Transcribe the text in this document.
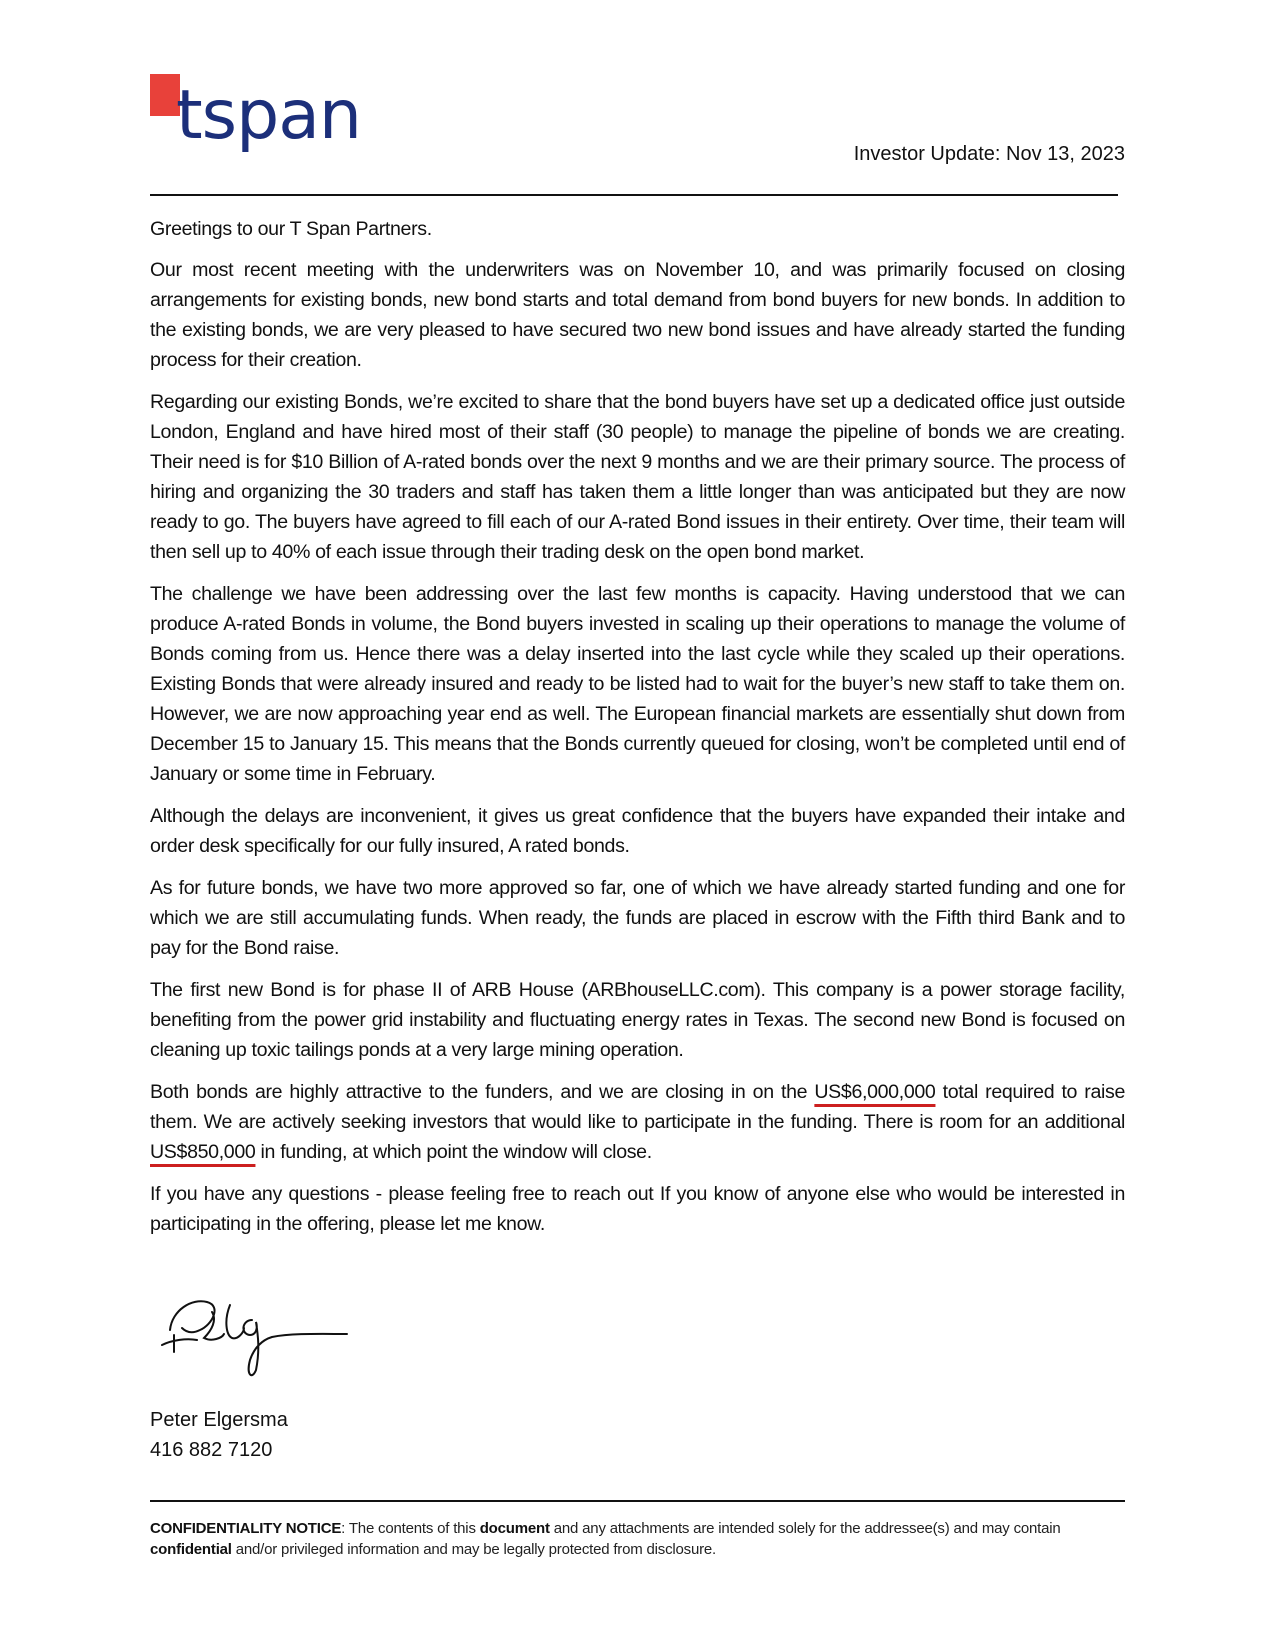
tspan	Investor Update: Nov 13, 2023

Greetings to our T Span Partners.

Our most recent meeting with the underwriters was on November 10, and was primarily focused on closing arrangements for existing bonds, new bond starts and total demand from bond buyers for new bonds. In addition to the existing bonds, we are very pleased to have secured two new bond issues and have already started the funding process for their creation.

Regarding our existing Bonds, we’re excited to share that the bond buyers have set up a dedicated office just outside London, England and have hired most of their staff (30 people) to manage the pipeline of bonds we are creating. Their need is for $10 Billion of A-rated bonds over the next 9 months and we are their primary source. The process of hiring and organizing the 30 traders and staff has taken them a little longer than was anticipated but they are now ready to go. The buyers have agreed to fill each of our A-rated Bond issues in their entirety. Over time, their team will then sell up to 40% of each issue through their trading desk on the open bond market.

The challenge we have been addressing over the last few months is capacity. Having understood that we can produce A-rated Bonds in volume, the Bond buyers invested in scaling up their operations to manage the volume of Bonds coming from us. Hence there was a delay inserted into the last cycle while they scaled up their operations. Existing Bonds that were already insured and ready to be listed had to wait for the buyer’s new staff to take them on. However, we are now approaching year end as well. The European financial markets are essentially shut down from December 15 to January 15. This means that the Bonds currently queued for closing, won’t be completed until end of January or some time in February.

Although the delays are inconvenient, it gives us great confidence that the buyers have expanded their intake and order desk specifically for our fully insured, A rated bonds.

As for future bonds, we have two more approved so far, one of which we have already started funding and one for which we are still accumulating funds. When ready, the funds are placed in escrow with the Fifth third Bank and to pay for the Bond raise.

The first new Bond is for phase II of ARB House (ARBhouseLLC.com). This company is a power storage facility, benefiting from the power grid instability and fluctuating energy rates in Texas. The second new Bond is focused on cleaning up toxic tailings ponds at a very large mining operation.

Both bonds are highly attractive to the funders, and we are closing in on the US$6,000,000 total required to raise them. We are actively seeking investors that would like to participate in the funding. There is room for an additional US$850,000 in funding, at which point the window will close.

If you have any questions - please feeling free to reach out If you know of anyone else who would be interested in participating in the offering, please let me know.

Peter Elgersma
416 882 7120
CONFIDENTIALITY NOTICE: The contents of this document and any attachments are intended solely for the addressee(s) and may contain confidential and/or privileged information and may be legally protected from disclosure.
